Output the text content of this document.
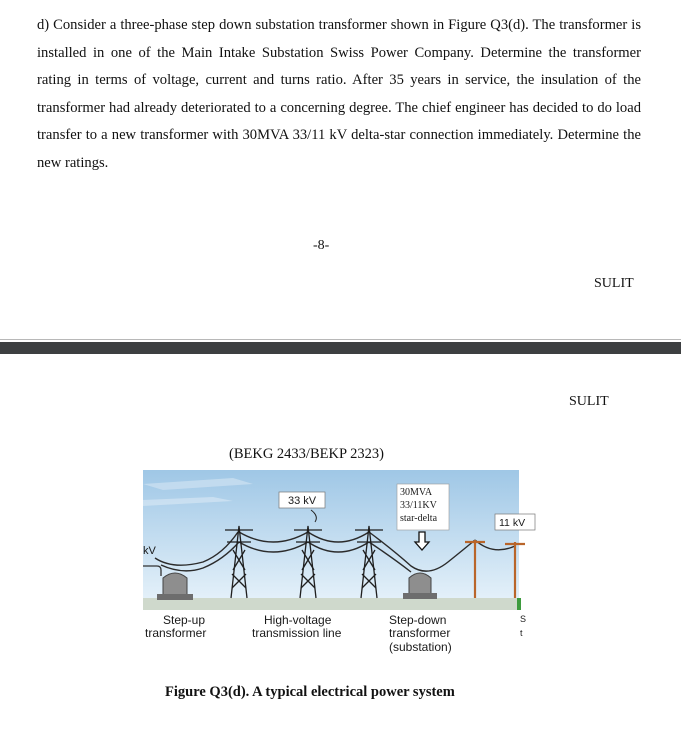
d) Consider a three-phase step down substation transformer shown in Figure Q3(d). The transformer is installed in one of the Main Intake Substation Swiss Power Company. Determine the transformer rating in terms of voltage, current and turns ratio. After 35 years in service, the insulation of the transformer had already deteriorated to a concerning degree. The chief engineer has decided to do load transfer to a new transformer with 30MVA 33/11 kV delta-star connection immediately. Determine the new ratings.

-8-
SULIT
SULIT
(BEKG 2433/BEKP 2323)
33 kV
11 kV
30MVA
33/11KV
star-delta
kV
Step-up
transformer
High-voltage
transmission line
Step-down
transformer
(substation)
S
t
Figure Q3(d). A typical electrical power system
